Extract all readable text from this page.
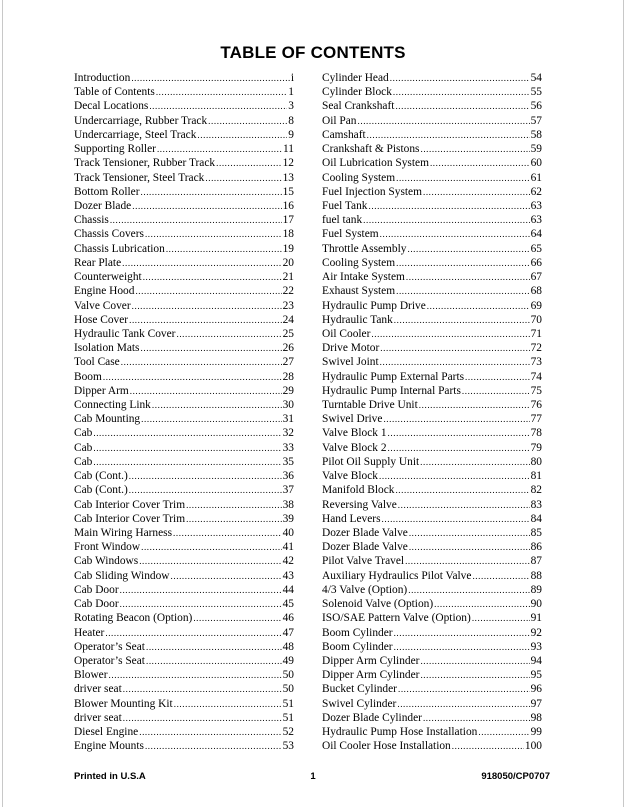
TABLE OF CONTENTS
Introduction .....	i
Table of Contents .....	1
Decal Locations .....	3
Undercarriage, Rubber Track .....	8
Undercarriage, Steel Track .....	9
Supporting Roller .....	11
Track Tensioner, Rubber Track .....	12
Track Tensioner, Steel Track .....	13
Bottom Roller .....	15
Dozer Blade .....	16
Chassis .....	17
Chassis Covers .....	18
Chassis Lubrication .....	19
Rear Plate .....	20
Counterweight .....	21
Engine Hood .....	22
Valve Cover .....	23
Hose Cover .....	24
Hydraulic Tank Cover .....	25
Isolation Mats .....	26
Tool Case .....	27
Boom .....	28
Dipper Arm .....	29
Connecting Link .....	30
Cab Mounting .....	31
Cab .....	32
Cab .....	33
Cab .....	35
Cab (Cont.) .....	36
Cab (Cont.) .....	37
Cab Interior Cover Trim .....	38
Cab Interior Cover Trim .....	39
Main Wiring Harness .....	40
Front Window .....	41
Cab Windows .....	42
Cab Sliding Window .....	43
Cab Door .....	44
Cab Door .....	45
Rotating Beacon (Option) .....	46
Heater .....	47
Operator’s Seat .....	48
Operator’s Seat .....	49
Blower .....	50
driver seat .....	50
Blower Mounting Kit .....	51
driver seat .....	51
Diesel Engine .....	52
Engine Mounts .....	53
Cylinder Head .....	54
Cylinder Block .....	55
Seal Crankshaft .....	56
Oil Pan .....	57
Camshaft .....	58
Crankshaft & Pistons .....	59
Oil Lubrication System .....	60
Cooling System .....	61
Fuel Injection System .....	62
Fuel Tank .....	63
fuel tank .....	63
Fuel System .....	64
Throttle Assembly .....	65
Cooling System .....	66
Air Intake System .....	67
Exhaust System .....	68
Hydraulic Pump Drive .....	69
Hydraulic Tank .....	70
Oil Cooler .....	71
Drive Motor .....	72
Swivel Joint .....	73
Hydraulic Pump External Parts .....	74
Hydraulic Pump Internal Parts .....	75
Turntable Drive Unit .....	76
Swivel Drive .....	77
Valve Block 1 .....	78
Valve Block 2 .....	79
Pilot Oil Supply Unit .....	80
Valve Block .....	81
Manifold Block .....	82
Reversing Valve .....	83
Hand Levers .....	84
Dozer Blade Valve .....	85
Dozer Blade Valve .....	86
Pilot Valve Travel .....	87
Auxiliary Hydraulics Pilot Valve .....	88
4/3 Valve (Option) .....	89
Solenoid Valve (Option) .....	90
ISO/SAE Pattern Valve (Option) .....	91
Boom Cylinder .....	92
Boom Cylinder .....	93
Dipper Arm Cylinder .....	94
Dipper Arm Cylinder .....	95
Bucket Cylinder .....	96
Swivel Cylinder .....	97
Dozer Blade Cylinder .....	98
Hydraulic Pump Hose Installation .....	99
Oil Cooler Hose Installation .....	100
Printed in U.S.A	1	918050/CP0707
